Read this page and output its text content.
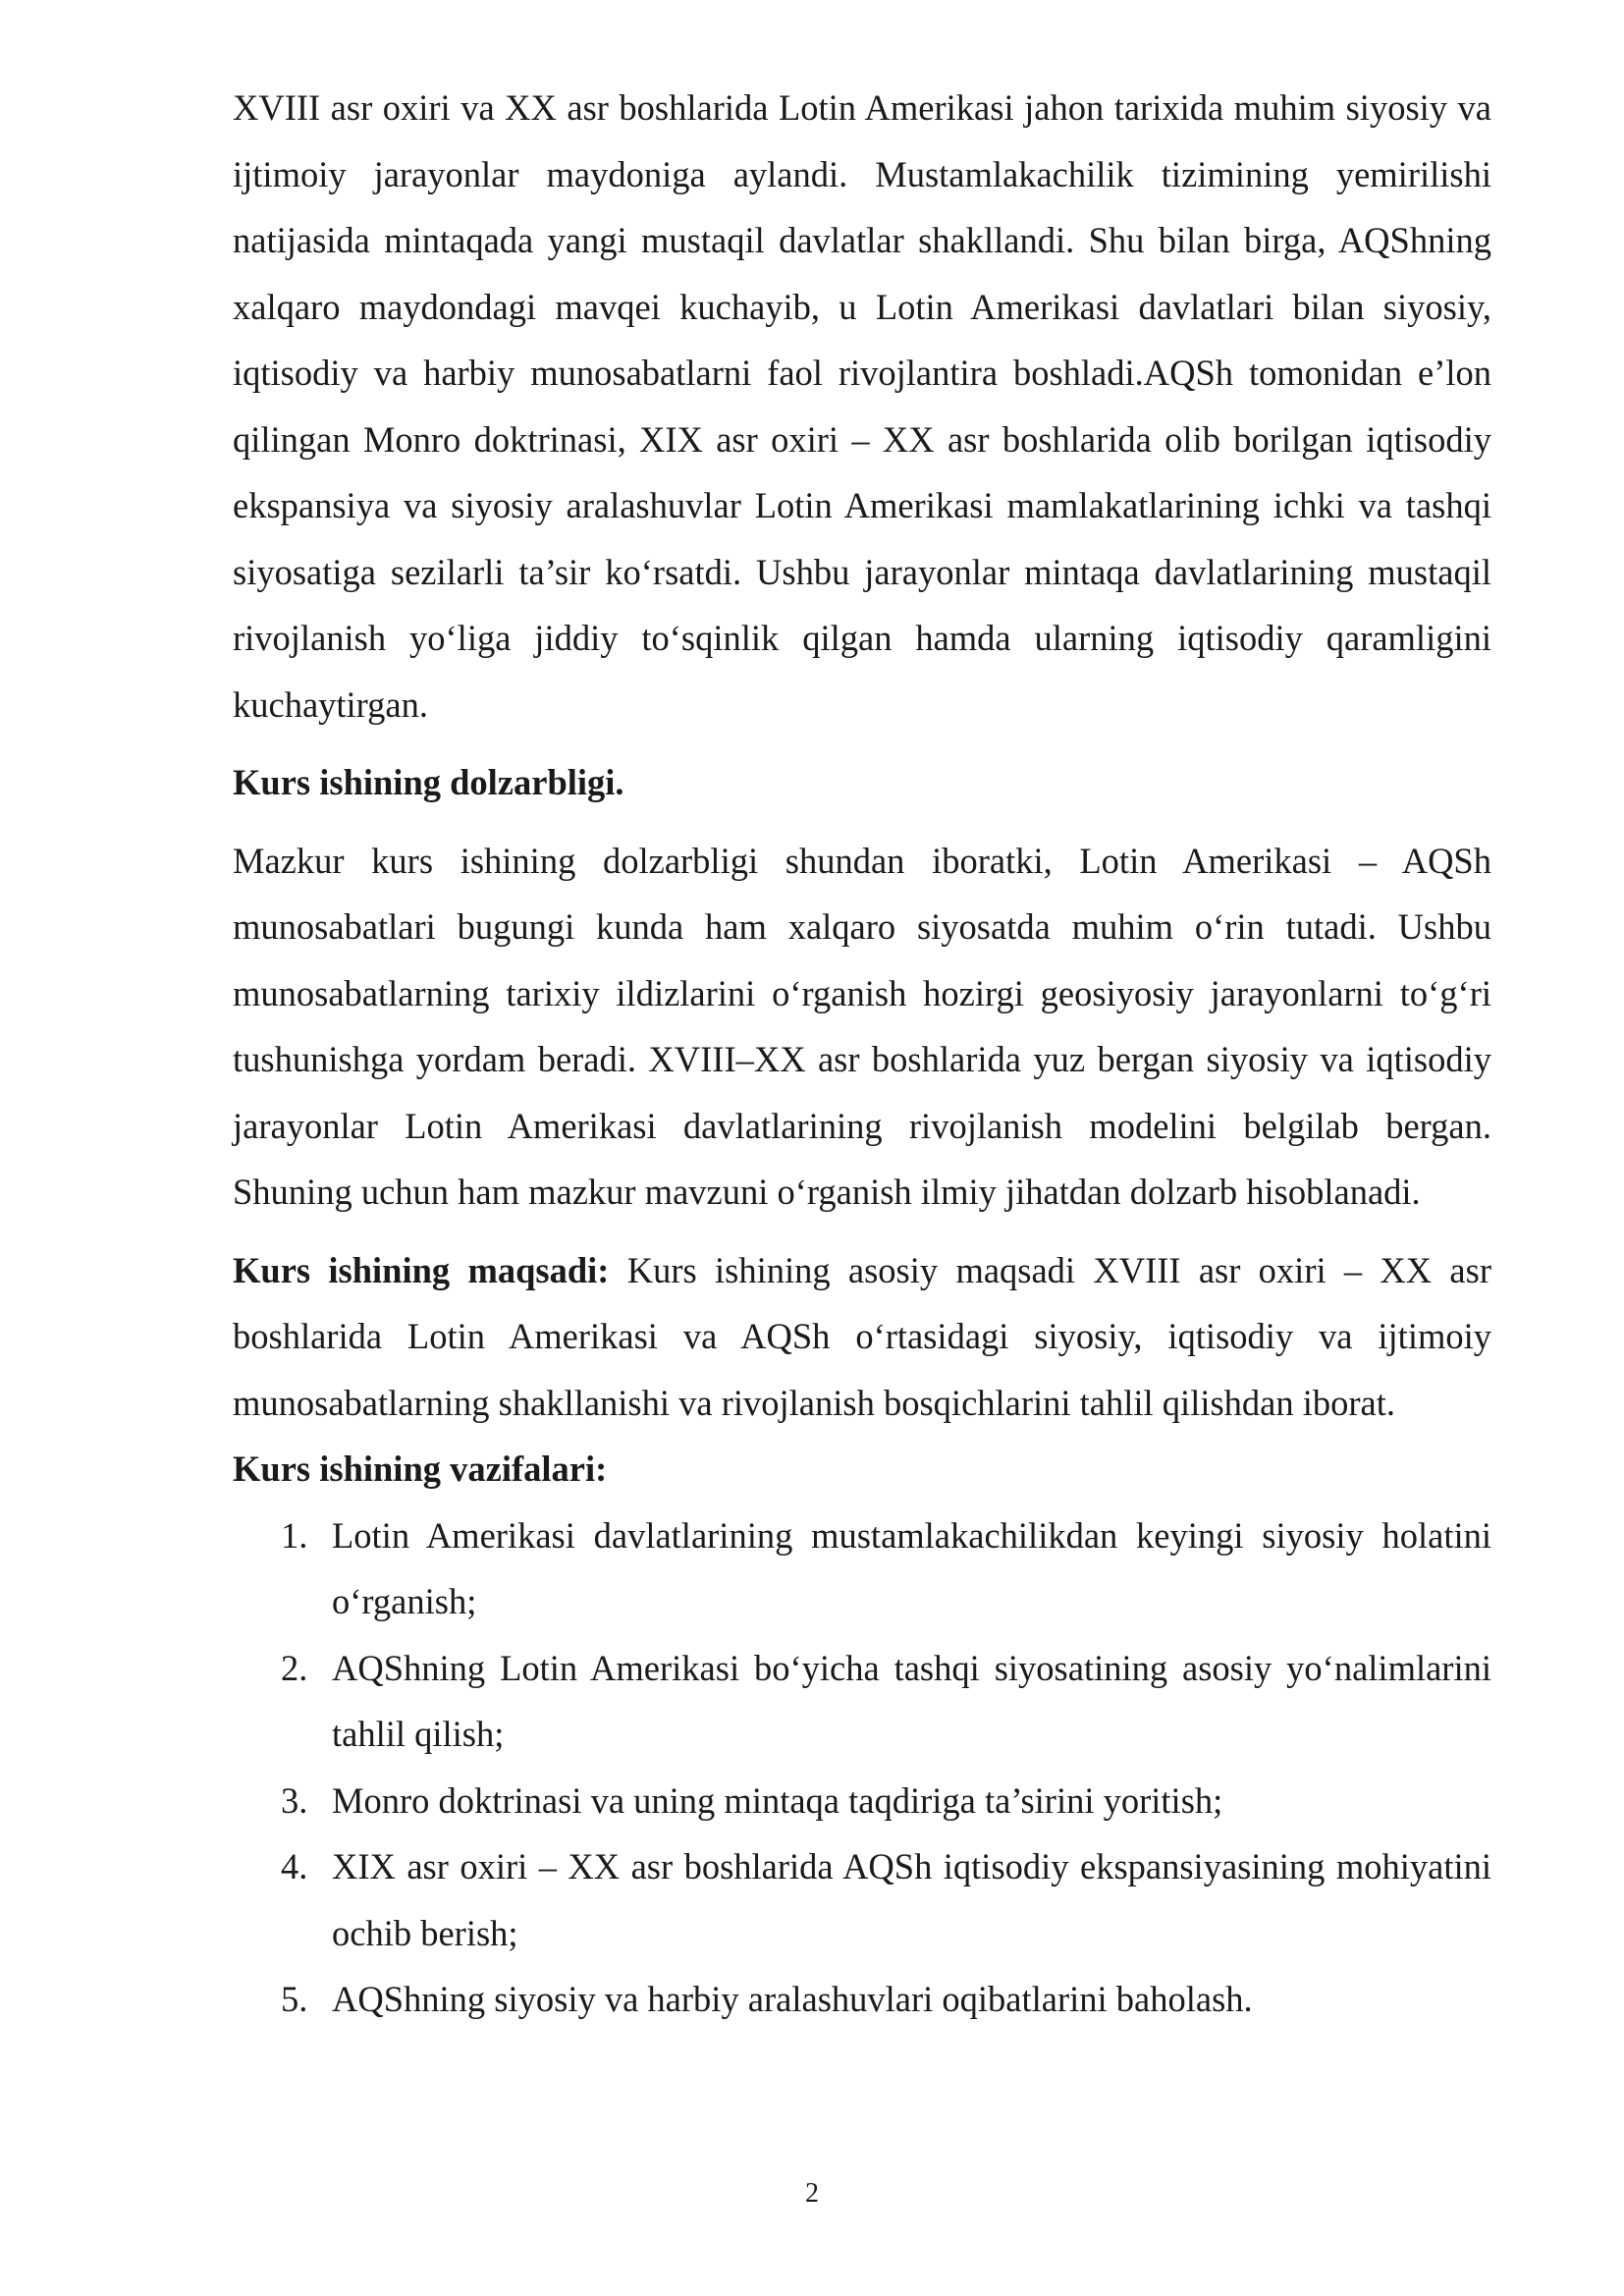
XVIII asr oxiri va XX asr boshlarida Lotin Amerikasi jahon tarixida muhim siyosiy va ijtimoiy jarayonlar maydoniga aylandi. Mustamlakachilik tizimining yemirilishi natijasida mintaqada yangi mustaqil davlatlar shakllandi. Shu bilan birga, AQShning xalqaro maydondagi mavqei kuchayib, u Lotin Amerikasi davlatlari bilan siyosiy, iqtisodiy va harbiy munosabatlarni faol rivojlantira boshladi.AQSh tomonidan e’lon qilingan Monro doktrinasi, XIX asr oxiri – XX asr boshlarida olib borilgan iqtisodiy ekspansiya va siyosiy aralashuvlar Lotin Amerikasi mamlakatlarining ichki va tashqi siyosatiga sezilarli ta’sir ko‘rsatdi. Ushbu jarayonlar mintaqa davlatlarining mustaqil rivojlanish yo‘liga jiddiy to‘sqinlik qilgan hamda ularning iqtisodiy qaramligini kuchaytirgan.

Kurs ishining dolzarbligi.

Mazkur kurs ishining dolzarbligi shundan iboratki, Lotin Amerikasi – AQSh munosabatlari bugungi kunda ham xalqaro siyosatda muhim o‘rin tutadi. Ushbu munosabatlarning tarixiy ildizlarini o‘rganish hozirgi geosiyosiy jarayonlarni to‘g‘ri tushunishga yordam beradi. XVIII–XX asr boshlarida yuz bergan siyosiy va iqtisodiy jarayonlar Lotin Amerikasi davlatlarining rivojlanish modelini belgilab bergan. Shuning uchun ham mazkur mavzuni o‘rganish ilmiy jihatdan dolzarb hisoblanadi.

Kurs ishining maqsadi: Kurs ishining asosiy maqsadi XVIII asr oxiri – XX asr boshlarida Lotin Amerikasi va AQSh o‘rtasidagi siyosiy, iqtisodiy va ijtimoiy munosabatlarning shakllanishi va rivojlanish bosqichlarini tahlil qilishdan iborat.

Kurs ishining vazifalari:

1. Lotin Amerikasi davlatlarining mustamlakachilikdan keyingi siyosiy holatini o‘rganish;
2. AQShning Lotin Amerikasi bo‘yicha tashqi siyosatining asosiy yo‘nalimlarini tahlil qilish;
3. Monro doktrinasi va uning mintaqa taqdiriga ta’sirini yoritish;
4. XIX asr oxiri – XX asr boshlarida AQSh iqtisodiy ekspansiyasining mohiyatini ochib berish;
5. AQShning siyosiy va harbiy aralashuvlari oqibatlarini baholash.
2
